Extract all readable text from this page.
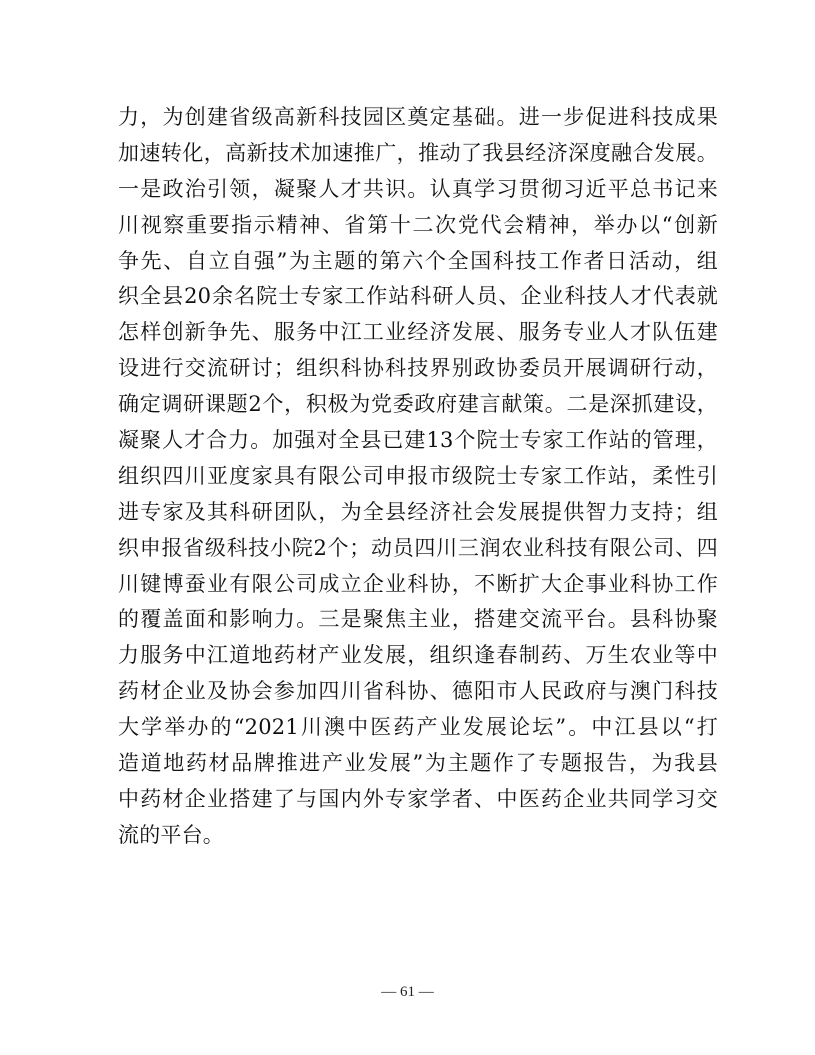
力，为创建省级高新科技园区奠定基础。进一步促进科技成果
加速转化，高新技术加速推广，推动了我县经济深度融合发展。
一是政治引领，凝聚人才共识。认真学习贯彻习近平总书记来
川视察重要指示精神、省第十二次党代会精神，举办以“创新
争先、自立自强”为主题的第六个全国科技工作者日活动，组
织全县20余名院士专家工作站科研人员、企业科技人才代表就
怎样创新争先、服务中江工业经济发展、服务专业人才队伍建
设进行交流研讨；组织科协科技界别政协委员开展调研行动，
确定调研课题2个，积极为党委政府建言献策。二是深抓建设，
凝聚人才合力。加强对全县已建13个院士专家工作站的管理，
组织四川亚度家具有限公司申报市级院士专家工作站，柔性引
进专家及其科研团队，为全县经济社会发展提供智力支持；组
织申报省级科技小院2个；动员四川三润农业科技有限公司、四
川键博蚕业有限公司成立企业科协，不断扩大企事业科协工作
的覆盖面和影响力。三是聚焦主业，搭建交流平台。县科协聚
力服务中江道地药材产业发展，组织逢春制药、万生农业等中
药材企业及协会参加四川省科协、德阳市人民政府与澳门科技
大学举办的“2021川澳中医药产业发展论坛”。中江县以“打
造道地药材品牌推进产业发展”为主题作了专题报告，为我县
中药材企业搭建了与国内外专家学者、中医药企业共同学习交
流的平台。
— 61 —
